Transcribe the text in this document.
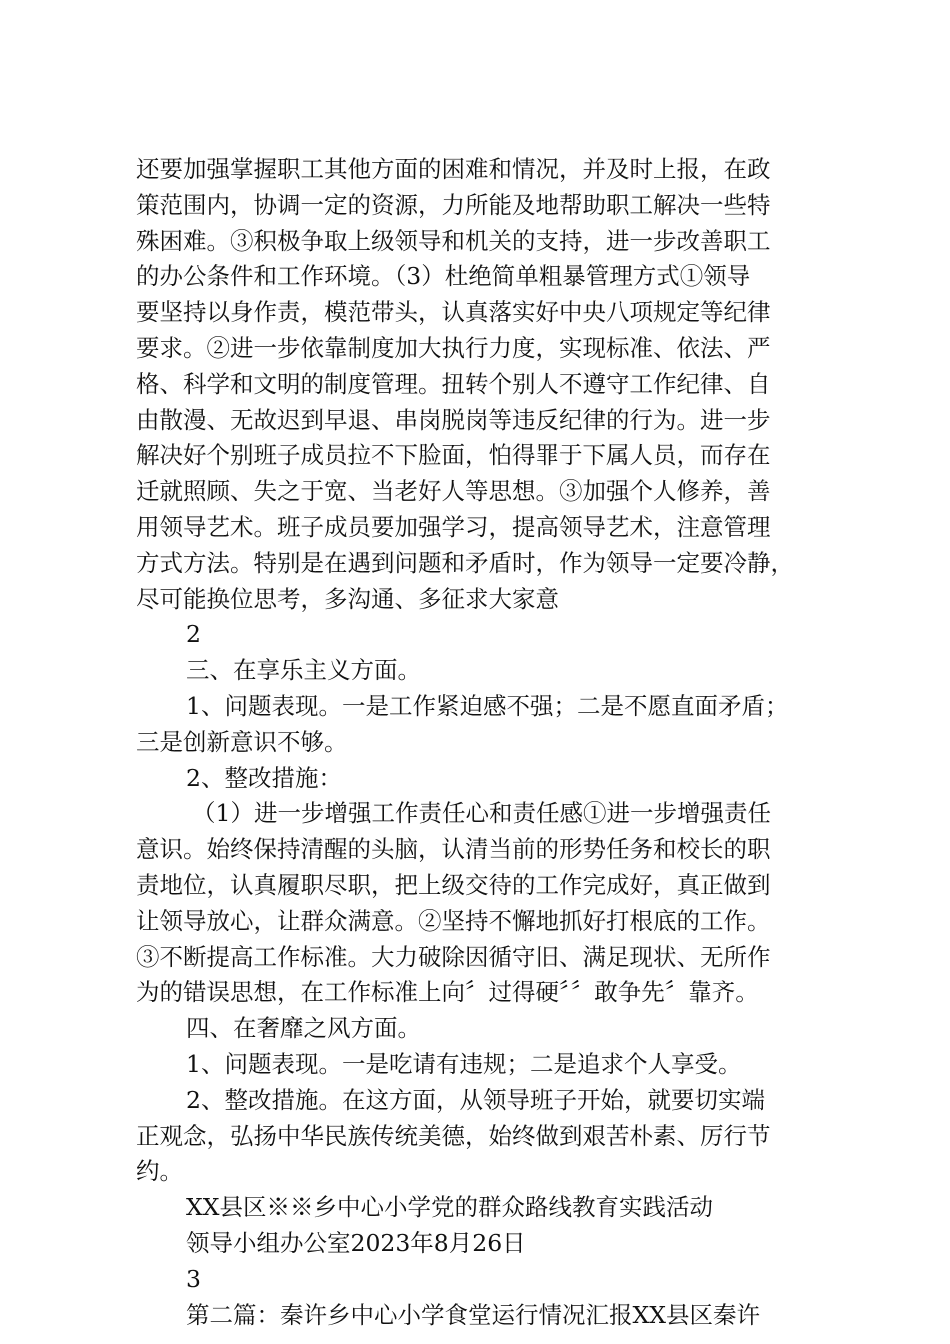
还要加强掌握职工其他方面的困难和情况，并及时上报，在政
策范围内，协调一定的资源，力所能及地帮助职工解决一些特
殊困难。③积极争取上级领导和机关的支持，进一步改善职工
的办公条件和工作环境。（3）杜绝简单粗暴管理方式①领导
要坚持以身作责，模范带头，认真落实好中央八项规定等纪律
要求。②进一步依靠制度加大执行力度，实现标准、依法、严
格、科学和文明的制度管理。扭转个别人不遵守工作纪律、自
由散漫、无故迟到早退、串岗脱岗等违反纪律的行为。进一步
解决好个别班子成员拉不下脸面，怕得罪于下属人员，而存在
迁就照顾、失之于宽、当老好人等思想。③加强个人修养，善
用领导艺术。班子成员要加强学习，提高领导艺术，注意管理
方式方法。特别是在遇到问题和矛盾时，作为领导一定要冷静，
尽可能换位思考，多沟通、多征求大家意
2
三、在享乐主义方面。
1、问题表现。一是工作紧迫感不强；二是不愿直面矛盾；
三是创新意识不够。
2、整改措施：
（1）进一步增强工作责任心和责任感①进一步增强责任
意识。始终保持清醒的头脑，认清当前的形势任务和校长的职
责地位，认真履职尽职，把上级交待的工作完成好，真正做到
让领导放心，让群众满意。②坚持不懈地抓好打根底的工作。
③不断提高工作标准。大力破除因循守旧、满足现状、无所作
为的错误思想，在工作标准上向〞过得硬〞〞敢争先〞靠齐。
四、在奢靡之风方面。
1、问题表现。一是吃请有违规；二是追求个人享受。
2、整改措施。在这方面，从领导班子开始，就要切实端
正观念，弘扬中华民族传统美德，始终做到艰苦朴素、厉行节
约。
XX县区※※乡中心小学党的群众路线教育实践活动
领导小组办公室2023年8月26日
3
第二篇：秦许乡中心小学食堂运行情况汇报XX县区秦许
